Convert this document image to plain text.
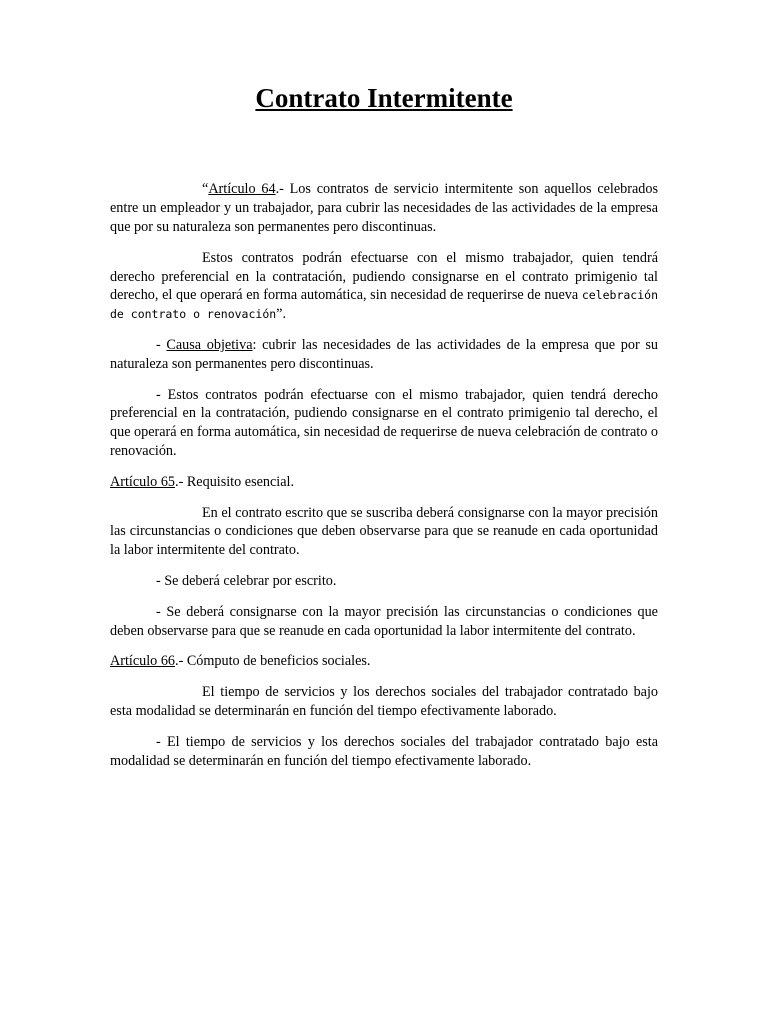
Contrato Intermitente

“Artículo 64.- Los contratos de servicio intermitente son aquellos celebrados entre un empleador y un trabajador, para cubrir las necesidades de las actividades de la empresa que por su naturaleza son permanentes pero discontinuas.

Estos contratos podrán efectuarse con el mismo trabajador, quien tendrá derecho preferencial en la contratación, pudiendo consignarse en el contrato primigenio tal derecho, el que operará en forma automática, sin necesidad de requerirse de nueva celebración de contrato o renovación”.

- Causa objetiva: cubrir las necesidades de las actividades de la empresa que por su naturaleza son permanentes pero discontinuas.

- Estos contratos podrán efectuarse con el mismo trabajador, quien tendrá derecho preferencial en la contratación, pudiendo consignarse en el contrato primigenio tal derecho, el que operará en forma automática, sin necesidad de requerirse de nueva celebración de contrato o renovación.

Artículo 65.- Requisito esencial.

En el contrato escrito que se suscriba deberá consignarse con la mayor precisión las circunstancias o condiciones que deben observarse para que se reanude en cada oportunidad la labor intermitente del contrato.

- Se deberá celebrar por escrito.

- Se deberá consignarse con la mayor precisión las circunstancias o condiciones que deben observarse para que se reanude en cada oportunidad la labor intermitente del contrato.

Artículo 66.- Cómputo de beneficios sociales.

El tiempo de servicios y los derechos sociales del trabajador contratado bajo esta modalidad se determinarán en función del tiempo efectivamente laborado.

- El tiempo de servicios y los derechos sociales del trabajador contratado bajo esta modalidad se determinarán en función del tiempo efectivamente laborado.
